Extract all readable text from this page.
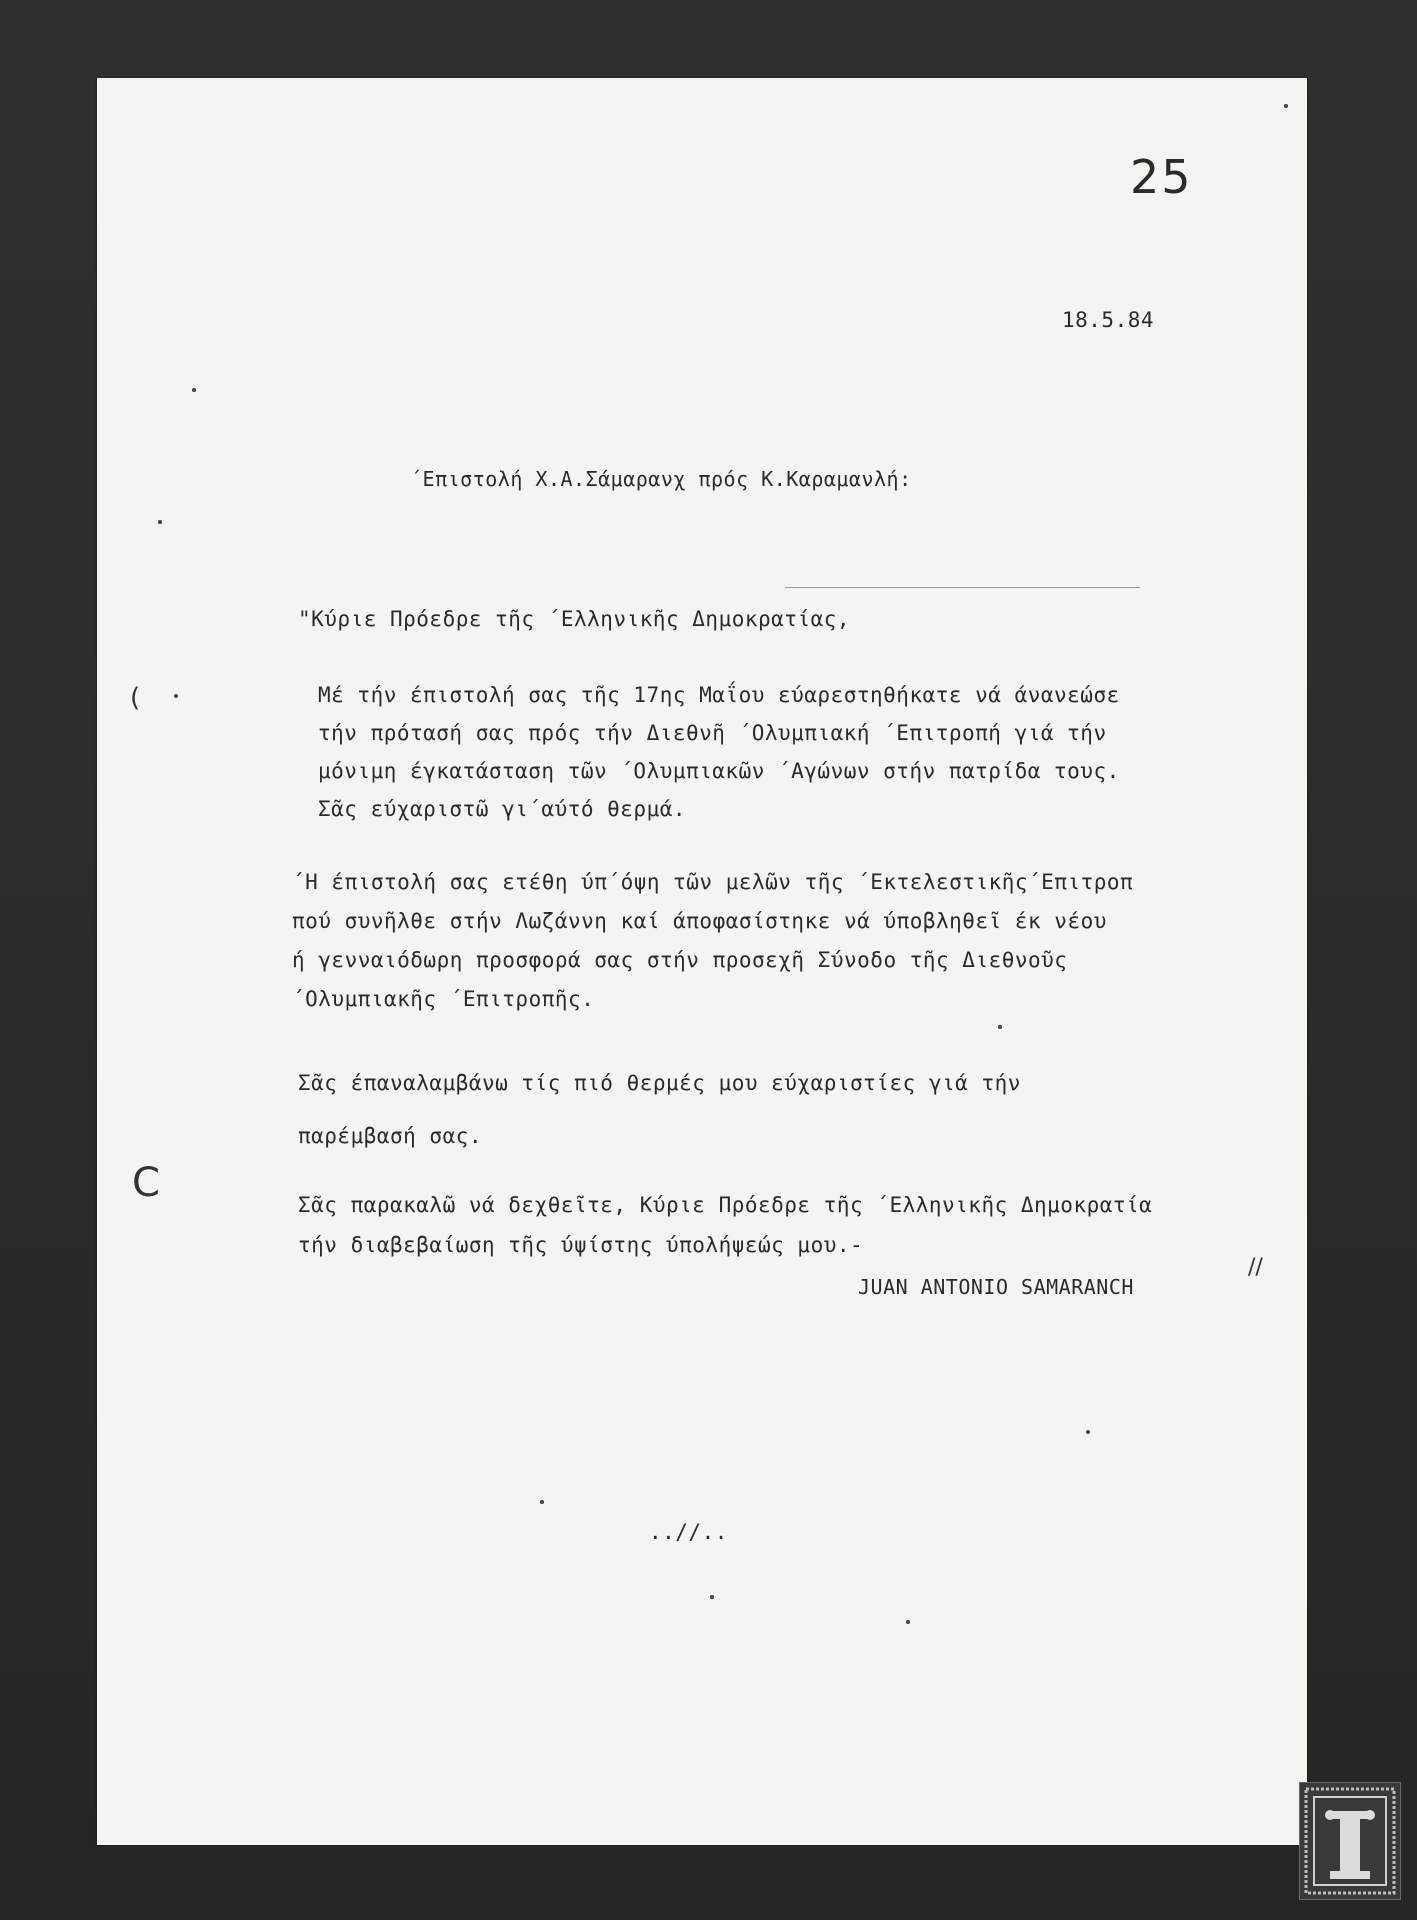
25
18.5.84
΄Επιστολή Χ.Α.Σάμαρανχ πρός Κ.Καραμανλή:
"Κύριε Πρόεδρε τῆς ΄Ελληνικῆς Δημοκρατίας,
Μέ τήν έπιστολή σας τῆς 17ης Μαΐου εύαρεστηθήκατε νά άνανεώσε
τήν πρότασή σας πρός τήν Διεθνῆ ΄Ολυμπιακή ΄Επιτροπή γιά τήν
μόνιμη έγκατάσταση τῶν ΄Ολυμπιακῶν ΄Αγώνων στήν πατρίδα τους.
Σᾶς εύχαριστῶ γι΄αύτό θερμά.
΄Η έπιστολή σας ετέθη ύπ΄όψη τῶν μελῶν τῆς ΄Εκτελεστικῆς΄Επιτροπ
πού συνῆλθε στήν Λωζάννη καί άποφασίστηκε νά ύποβληθεῖ έκ νέου
ή γενναιόδωρη προσφορά σας στήν προσεχῆ Σύνοδο τῆς Διεθνοῦς
΄Ολυμπιακῆς ΄Επιτροπῆς.
Σᾶς έπαναλαμβάνω τίς πιό θερμές μου εύχαριστίες γιά τήν
παρέμβασή σας.
Σᾶς παρακαλῶ νά δεχθεῖτε, Κύριε Πρόεδρε τῆς ΄Ελληνικῆς Δημοκρατία
τήν διαβεβαίωση τῆς ύψίστης ύπολήψεώς μου.-
JUAN ANTONIO SAMARANCH
..//..
C
(
//
